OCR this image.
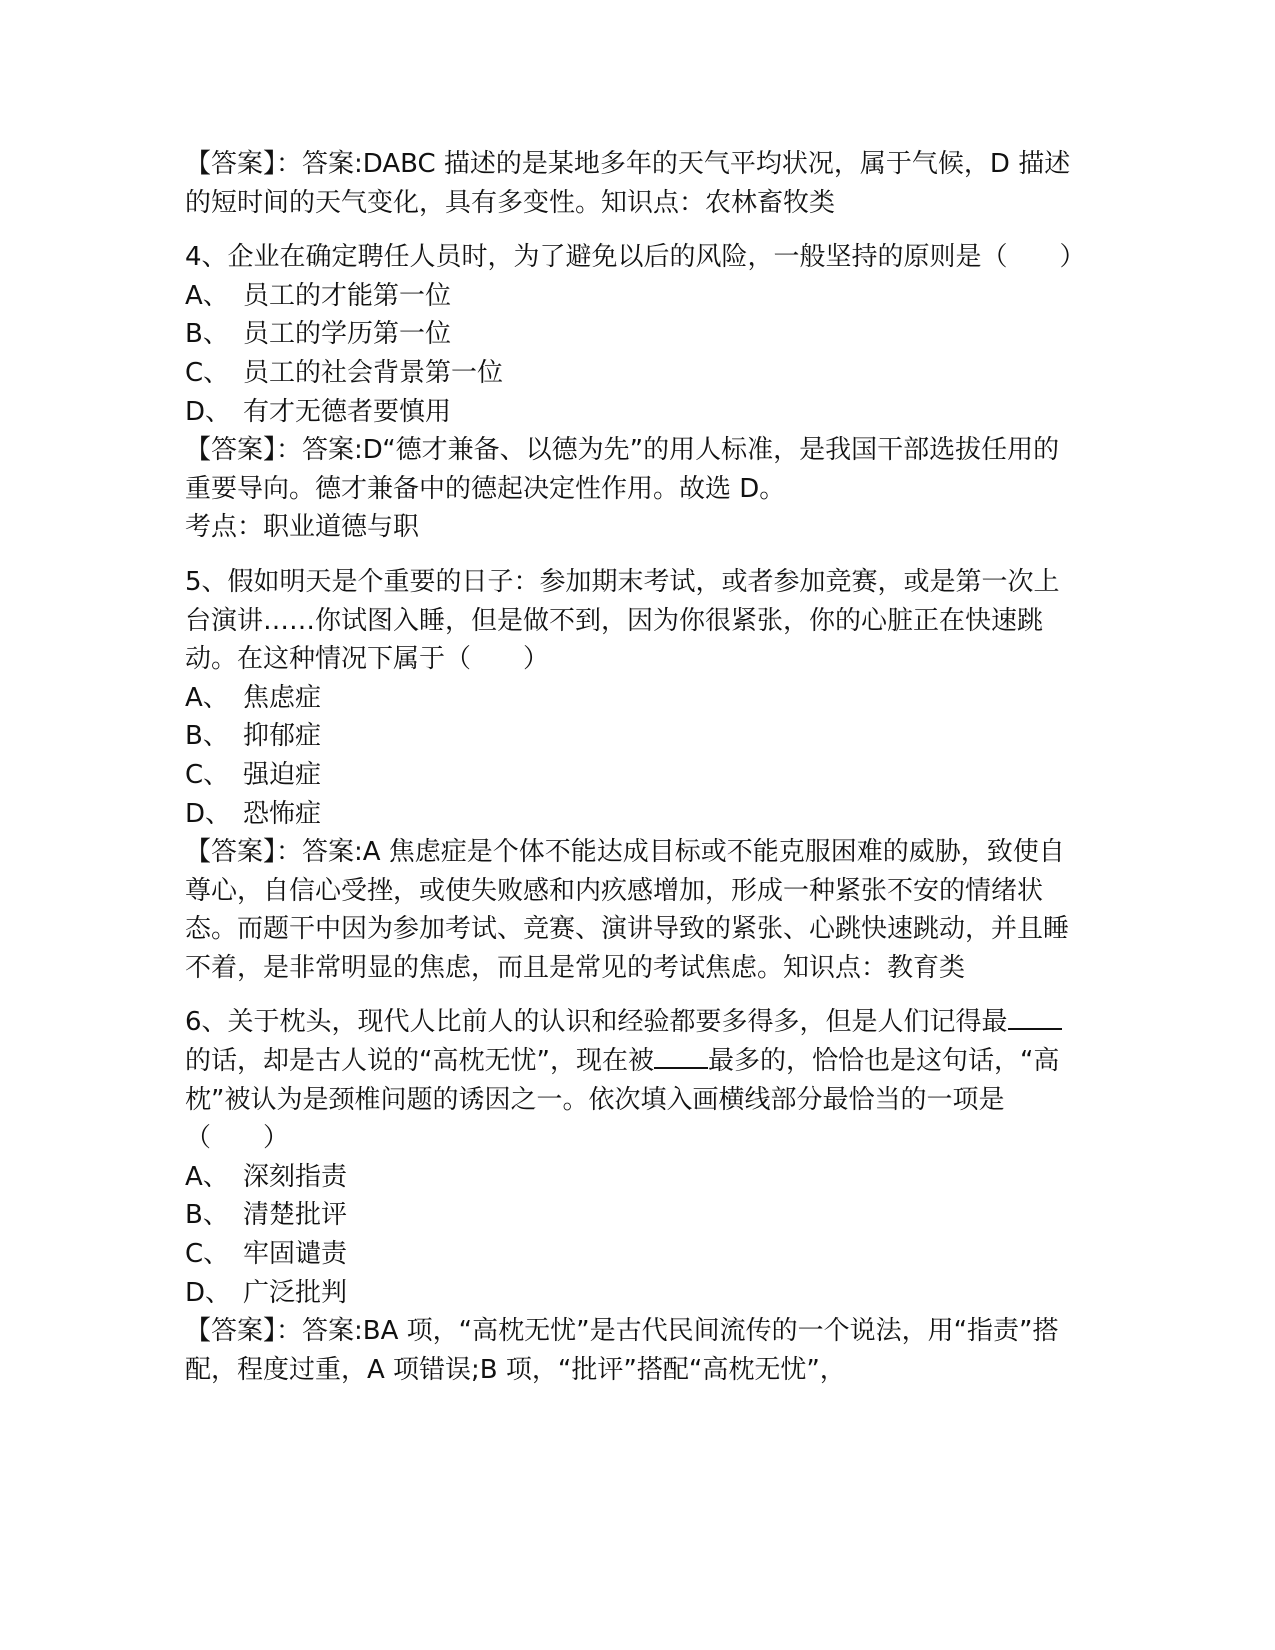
【答案】：答案:DABC 描述的是某地多年的天气平均状况，属于气候，D 描述的短时间的天气变化，具有多变性。知识点：农林畜牧类

4、企业在确定聘任人员时，为了避免以后的风险，一般坚持的原则是（　　）

A、 员工的才能第一位

B、 员工的学历第一位

C、 员工的社会背景第一位

D、 有才无德者要慎用

【答案】：答案:D“德才兼备、以德为先”的用人标准，是我国干部选拔任用的重要导向。德才兼备中的德起决定性作用。故选 D。

考点：职业道德与职

5、假如明天是个重要的日子：参加期末考试，或者参加竞赛，或是第一次上台演讲……你试图入睡，但是做不到，因为你很紧张，你的心脏正在快速跳动。在这种情况下属于（　　）

A、 焦虑症

B、 抑郁症

C、 强迫症

D、 恐怖症

【答案】：答案:A 焦虑症是个体不能达成目标或不能克服困难的威胁，致使自尊心，自信心受挫，或使失败感和内疚感增加，形成一种紧张不安的情绪状态。而题干中因为参加考试、竞赛、演讲导致的紧张、心跳快速跳动，并且睡不着，是非常明显的焦虑，而且是常见的考试焦虑。知识点：教育类

6、关于枕头，现代人比前人的认识和经验都要多得多，但是人们记得最的话，却是古人说的“高枕无忧”，现在被 最多的，恰恰也是这句话，“高枕”被认为是颈椎问题的诱因之一。依次填入画横线部分最恰当的一项是（　　）

A、 深刻指责

B、 清楚批评

C、 牢固谴责

D、 广泛批判

【答案】：答案:BA 项，“高枕无忧”是古代民间流传的一个说法，用“指责”搭配，程度过重，A 项错误;B 项，“批评”搭配“高枕无忧”，
